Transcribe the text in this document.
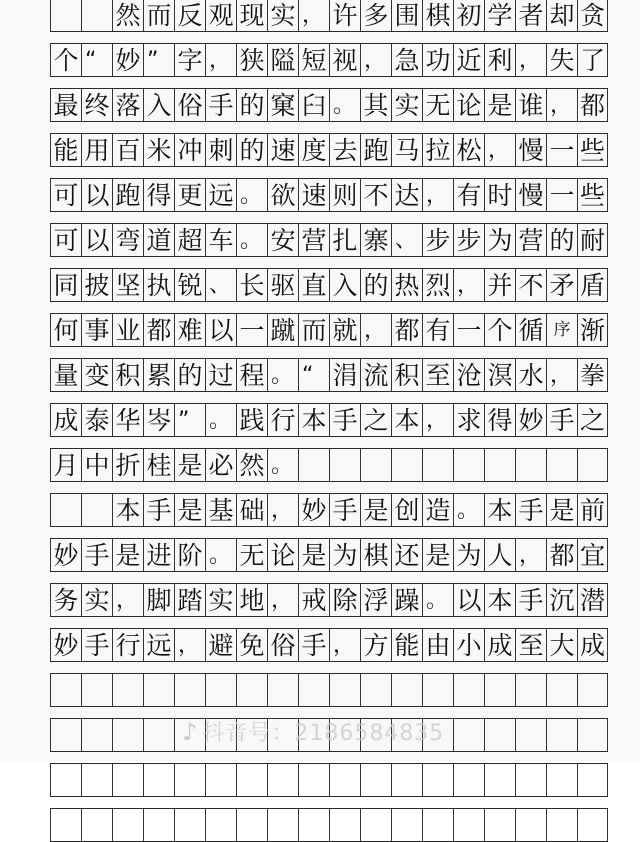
然 而 反 观 现 实 ， 许 多 围 棋 初 学 者 却 贪
个 “ 妙 ” 字 ， 狭 隘 短 视 ， 急 功 近 利 ， 失 了
最 终 落 入 俗 手 的 窠 臼 。 其 实 无 论 是 谁 ， 都
能 用 百 米 冲 刺 的 速 度 去 跑 马 拉 松 ， 慢 一 些
可 以 跑 得 更 远 。 欲 速 则 不 达 ， 有 时 慢 一 些
可 以 弯 道 超 车 。 安 营 扎 寨 、 步 步 为 营 的 耐
同 披 坚 执 锐 、 长 驱 直 入 的 热 烈 ， 并 不 矛 盾
何 事 业 都 难 以 一 蹴 而 就 ， 都 有 一 个 循 序 渐
量 变 积 累 的 过 程 。 “ 涓 流 积 至 沧 溟 水 ， 拳
成 泰 华 岑 ” 。 践 行 本 手 之 本 ， 求 得 妙 手 之
月 中 折 桂 是 必 然 。
本 手 是 基 础 ， 妙 手 是 创 造 。 本 手 是 前
妙 手 是 进 阶 。 无 论 是 为 棋 还 是 为 人 ， 都 宜
务 实 ， 脚 踏 实 地 ， 戒 除 浮 躁 。 以 本 手 沉 潜
妙 手 行 远 ， 避 免 俗 手 ， 方 能 由 小 成 至 大 成
♪ 抖音号：2186584835
